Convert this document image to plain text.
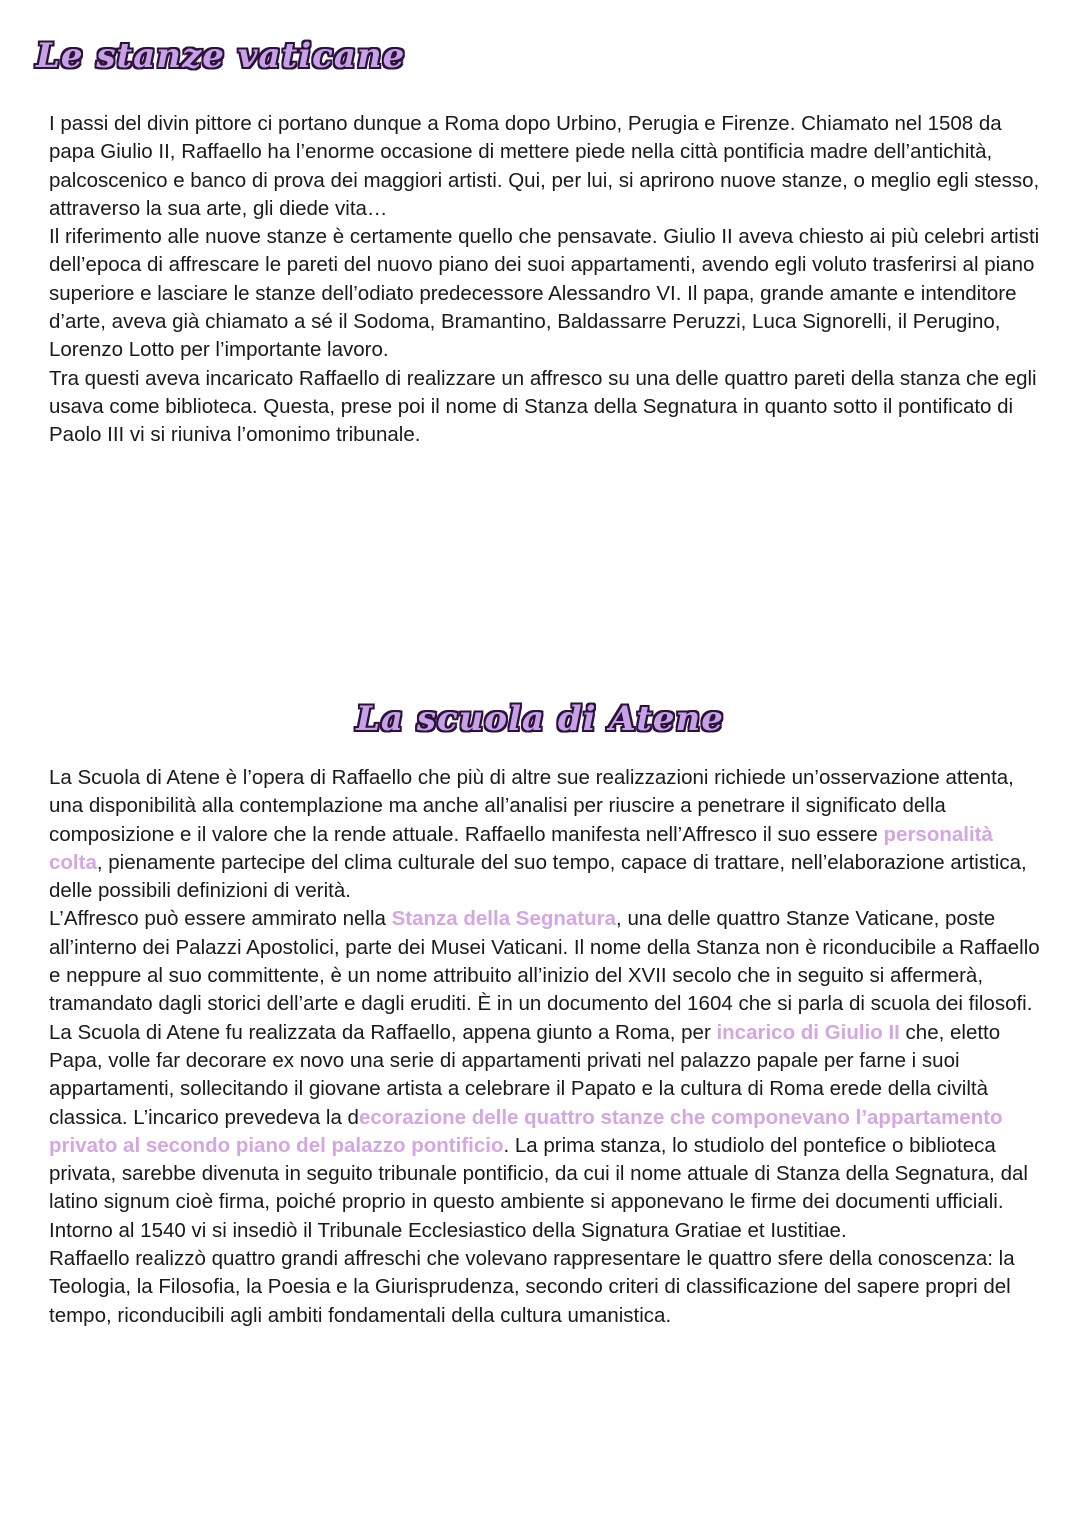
Le stanze vaticane

I passi del divin pittore ci portano dunque a Roma dopo Urbino, Perugia e Firenze. Chiamato nel 1508 da papa Giulio II, Raffaello ha l’enorme occasione di mettere piede nella città pontificia madre dell’antichità, palcoscenico e banco di prova dei maggiori artisti. Qui, per lui, si aprirono nuove stanze, o meglio egli stesso, attraverso la sua arte, gli diede vita…

Il riferimento alle nuove stanze è certamente quello che pensavate. Giulio II aveva chiesto ai più celebri artisti dell’epoca di affrescare le pareti del nuovo piano dei suoi appartamenti, avendo egli voluto trasferirsi al piano superiore e lasciare le stanze dell’odiato predecessore Alessandro VI. Il papa, grande amante e intenditore d’arte, aveva già chiamato a sé il Sodoma, Bramantino, Baldassarre Peruzzi, Luca Signorelli, il Perugino, Lorenzo Lotto per l’importante lavoro.

Tra questi aveva incaricato Raffaello di realizzare un affresco su una delle quattro pareti della stanza che egli usava come biblioteca. Questa, prese poi il nome di Stanza della Segnatura in quanto sotto il pontificato di Paolo III vi si riuniva l’omonimo tribunale.

La scuola di Atene

La Scuola di Atene è l’opera di Raffaello che più di altre sue realizzazioni richiede un’osservazione attenta, una disponibilità alla contemplazione ma anche all’analisi per riuscire a penetrare il significato della composizione e il valore che la rende attuale. Raffaello manifesta nell’Affresco il suo essere personalità colta, pienamente partecipe del clima culturale del suo tempo, capace di trattare, nell’elaborazione artistica, delle possibili definizioni di verità.

L’Affresco può essere ammirato nella Stanza della Segnatura, una delle quattro Stanze Vaticane, poste all’interno dei Palazzi Apostolici, parte dei Musei Vaticani. Il nome della Stanza non è riconducibile a Raffaello e neppure al suo committente, è un nome attribuito all’inizio del XVII secolo che in seguito si affermerà, tramandato dagli storici dell’arte e dagli eruditi. È in un documento del 1604 che si parla di scuola dei filosofi.

La Scuola di Atene fu realizzata da Raffaello, appena giunto a Roma, per incarico di Giulio II che, eletto Papa, volle far decorare ex novo una serie di appartamenti privati nel palazzo papale per farne i suoi appartamenti, sollecitando il giovane artista a celebrare il Papato e la cultura di Roma erede della civiltà classica. L’incarico prevedeva la decorazione delle quattro stanze che componevano l’appartamento privato al secondo piano del palazzo pontificio. La prima stanza, lo studiolo del pontefice o biblioteca privata, sarebbe divenuta in seguito tribunale pontificio, da cui il nome attuale di Stanza della Segnatura, dal latino signum cioè firma, poiché proprio in questo ambiente si apponevano le firme dei documenti ufficiali. Intorno al 1540 vi si insediò il Tribunale Ecclesiastico della Signatura Gratiae et Iustitiae.

Raffaello realizzò quattro grandi affreschi che volevano rappresentare le quattro sfere della conoscenza: la Teologia, la Filosofia, la Poesia e la Giurisprudenza, secondo criteri di classificazione del sapere propri del tempo, riconducibili agli ambiti fondamentali della cultura umanistica.
